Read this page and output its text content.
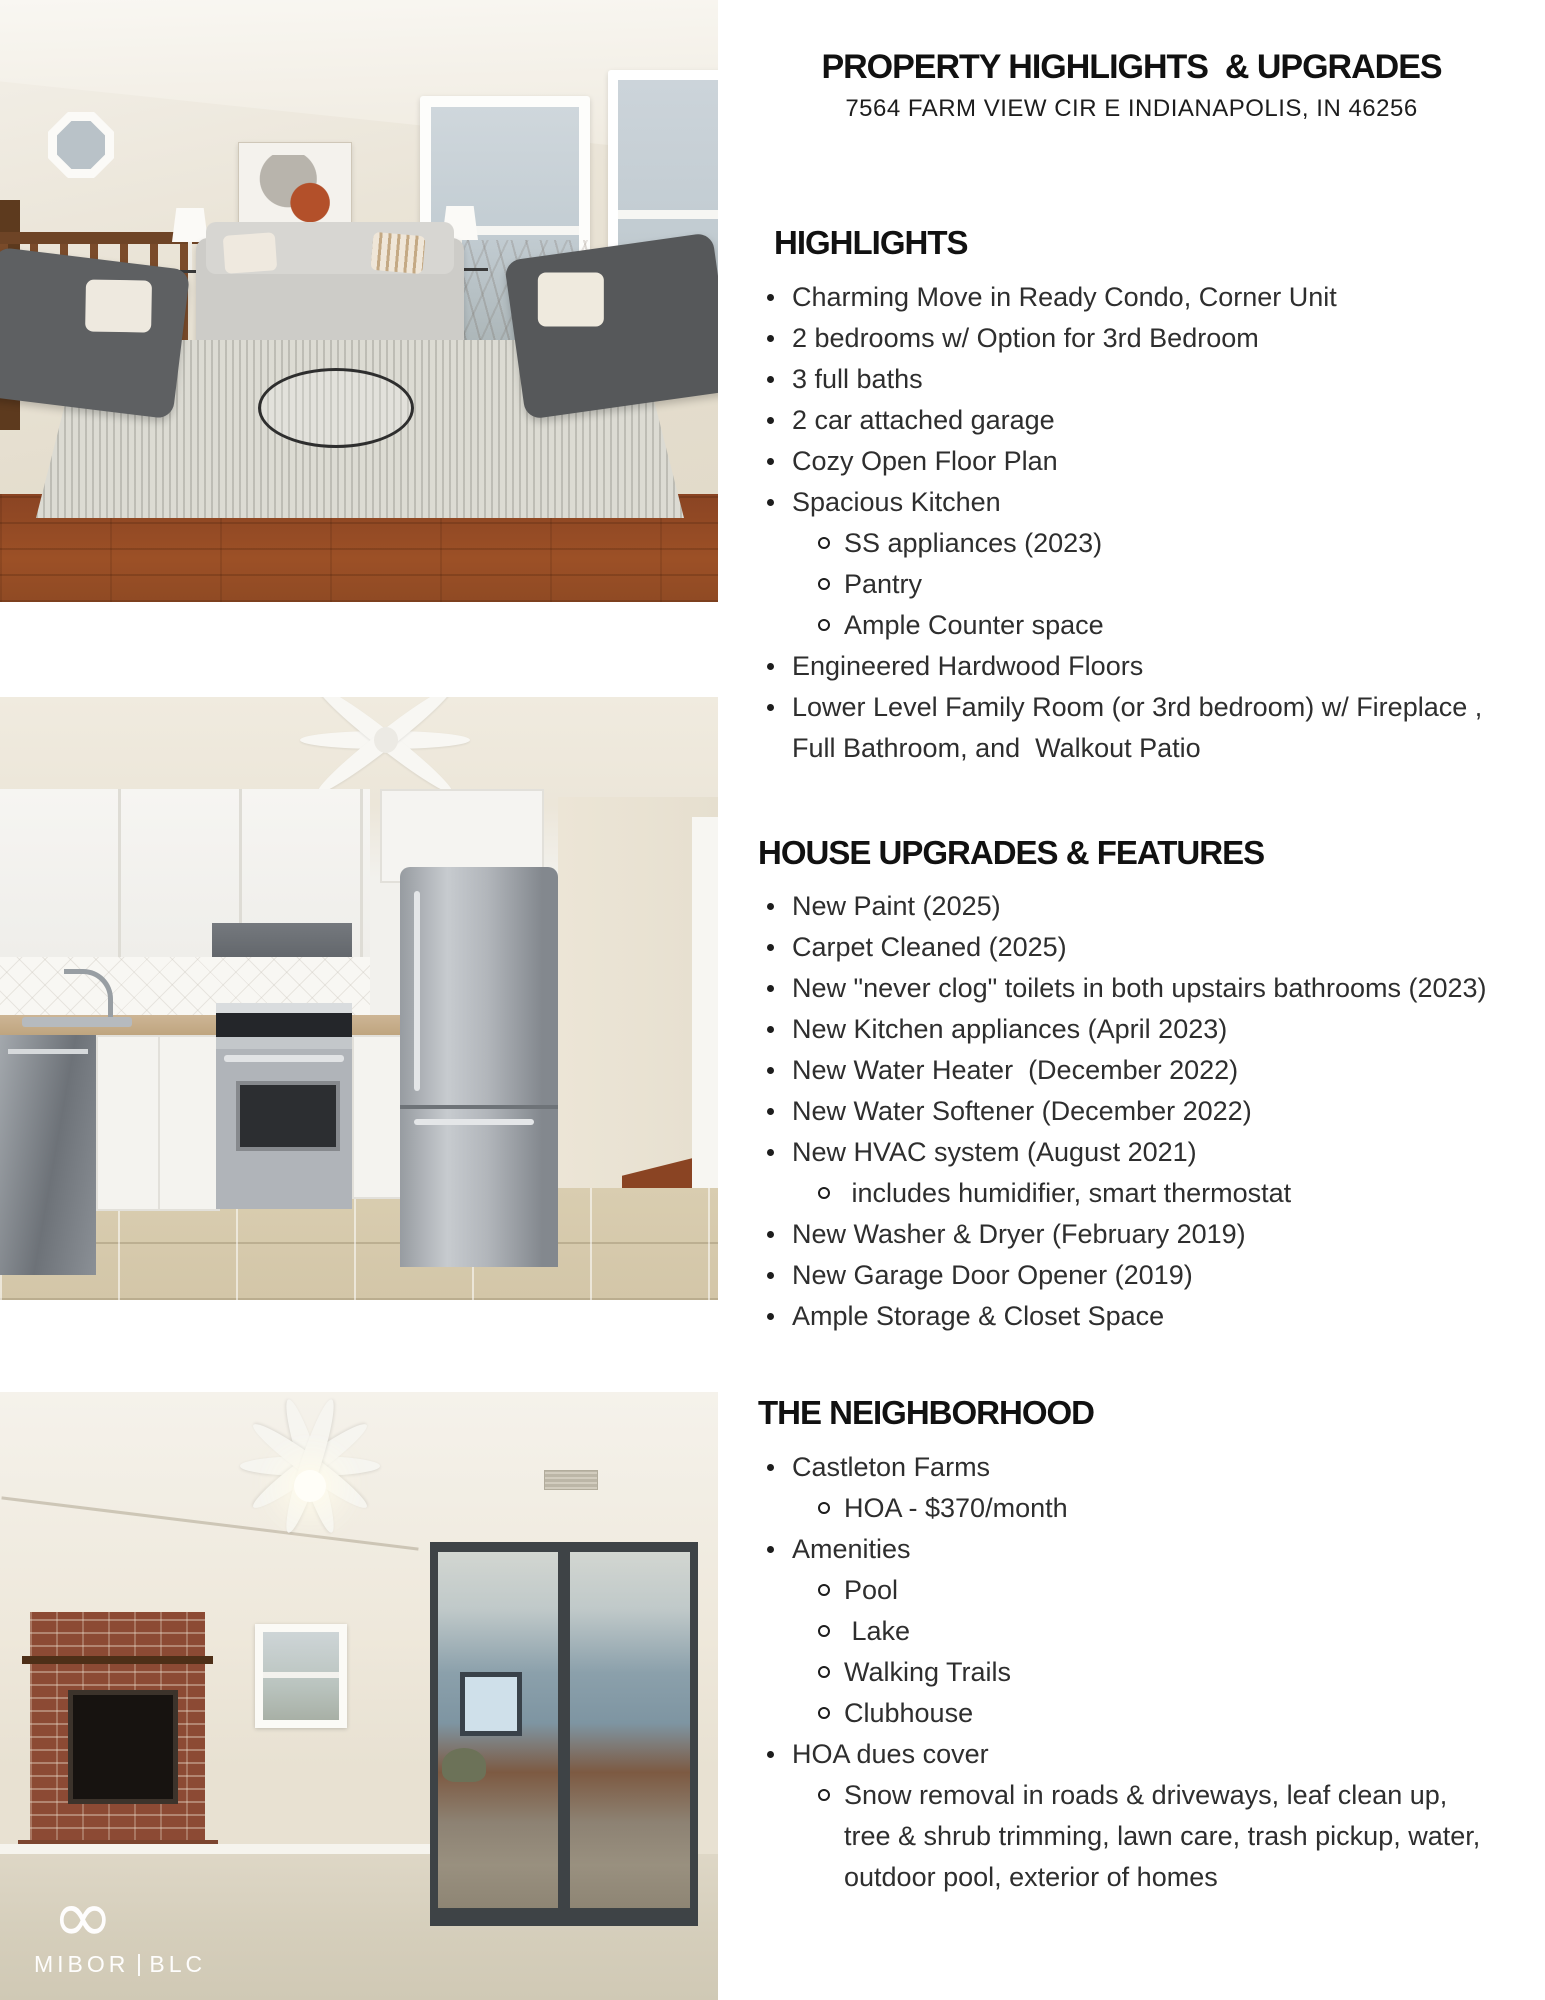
∞
MIBOR BLC
PROPERTY HIGHLIGHTS  & UPGRADES
7564 FARM VIEW CIR E INDIANAPOLIS, IN 46256
HIGHLIGHTS
Charming Move in Ready Condo, Corner Unit
2 bedrooms w/ Option for 3rd Bedroom
3 full baths
2 car attached garage
Cozy Open Floor Plan
Spacious Kitchen
SS appliances (2023)
Pantry
Ample Counter space
Engineered Hardwood Floors
Lower Level Family Room (or 3rd bedroom) w/ Fireplace , Full Bathroom, and  Walkout Patio
HOUSE UPGRADES & FEATURES
New Paint (2025)
Carpet Cleaned (2025)
New "never clog" toilets in both upstairs bathrooms (2023)
New Kitchen appliances (April 2023)
New Water Heater  (December 2022)
New Water Softener (December 2022)
New HVAC system (August 2021)
includes humidifier, smart thermostat
New Washer & Dryer (February 2019)
New Garage Door Opener (2019)
Ample Storage & Closet Space
THE NEIGHBORHOOD
Castleton Farms
HOA - $370/month
Amenities
Pool
Lake
Walking Trails
Clubhouse
HOA dues cover
Snow removal in roads & driveways, leaf clean up, tree & shrub trimming, lawn care, trash pickup, water, outdoor pool, exterior of homes
